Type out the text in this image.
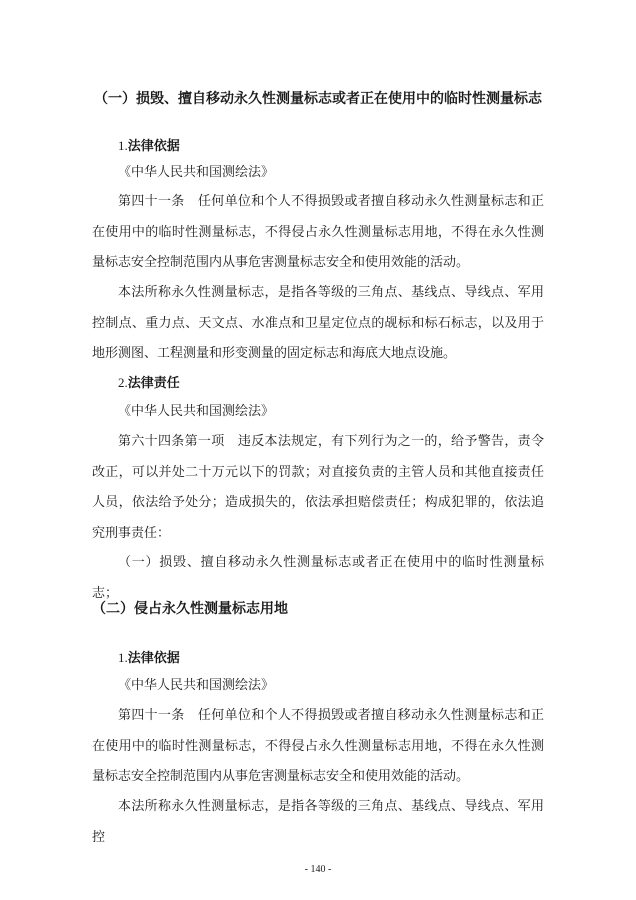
（一）损毁、擅自移动永久性测量标志或者正在使用中的临时性测量标志
1.法律依据
《中华人民共和国测绘法》

第四十一条　任何单位和个人不得损毁或者擅自移动永久性测量标志和正在使用中的临时性测量标志，不得侵占永久性测量标志用地，不得在永久性测量标志安全控制范围内从事危害测量标志安全和使用效能的活动。

本法所称永久性测量标志，是指各等级的三角点、基线点、导线点、军用控制点、重力点、天文点、水准点和卫星定位点的觇标和标石标志，以及用于地形测图、工程测量和形变测量的固定标志和海底大地点设施。

2.法律责任
《中华人民共和国测绘法》

第六十四条第一项　违反本法规定，有下列行为之一的，给予警告，责令改正，可以并处二十万元以下的罚款；对直接负责的主管人员和其他直接责任人员，依法给予处分；造成损失的，依法承担赔偿责任；构成犯罪的，依法追究刑事责任：

（一）损毁、擅自移动永久性测量标志或者正在使用中的临时性测量标志；

（二）侵占永久性测量标志用地
1.法律依据
《中华人民共和国测绘法》

第四十一条　任何单位和个人不得损毁或者擅自移动永久性测量标志和正在使用中的临时性测量标志，不得侵占永久性测量标志用地，不得在永久性测量标志安全控制范围内从事危害测量标志安全和使用效能的活动。

本法所称永久性测量标志，是指各等级的三角点、基线点、导线点、军用控

- 140 -
